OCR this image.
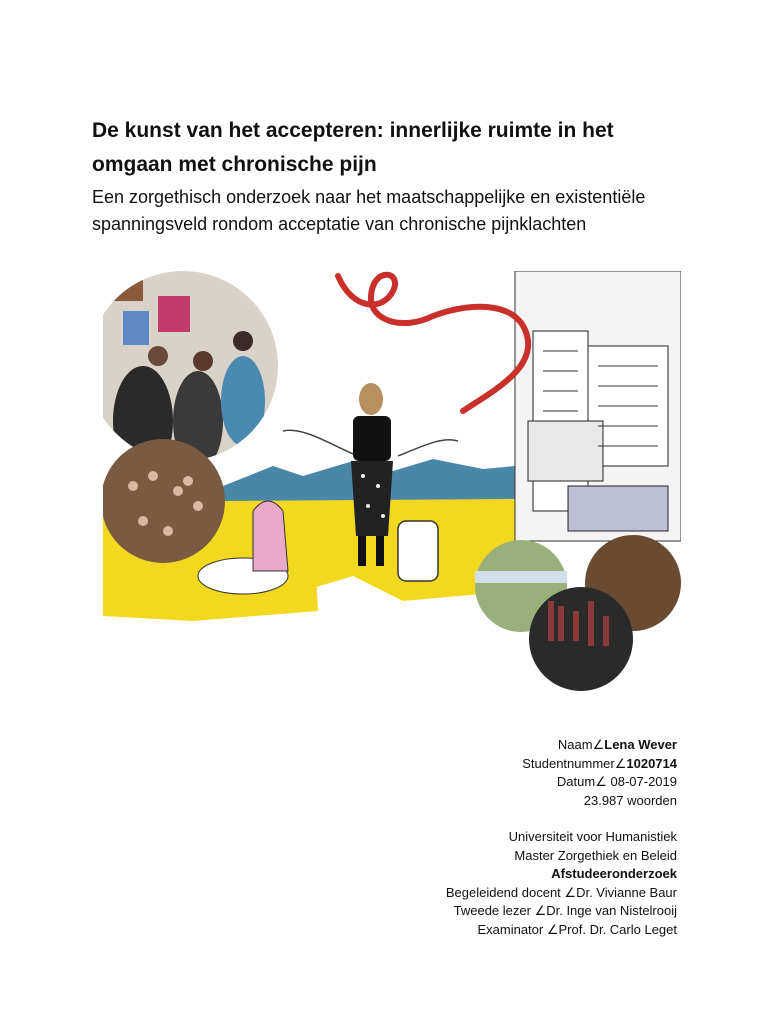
De kunst van het accepteren: innerlijke ruimte in het omgaan met chronische pijn
Een zorgethisch onderzoek naar het maatschappelijke en existentiële spanningsveld rondom acceptatie van chronische pijnklachten
Naam∠Lena Wever
Studentnummer∠1020714
Datum∠ 08-07-2019
23.987 woorden
Universiteit voor Humanistiek
Master Zorgethiek en Beleid
Afstudeeronderzoek
Begeleidend docent ∠Dr. Vivianne Baur
Tweede lezer ∠Dr. Inge van Nistelrooij
Examinator ∠Prof. Dr. Carlo Leget
